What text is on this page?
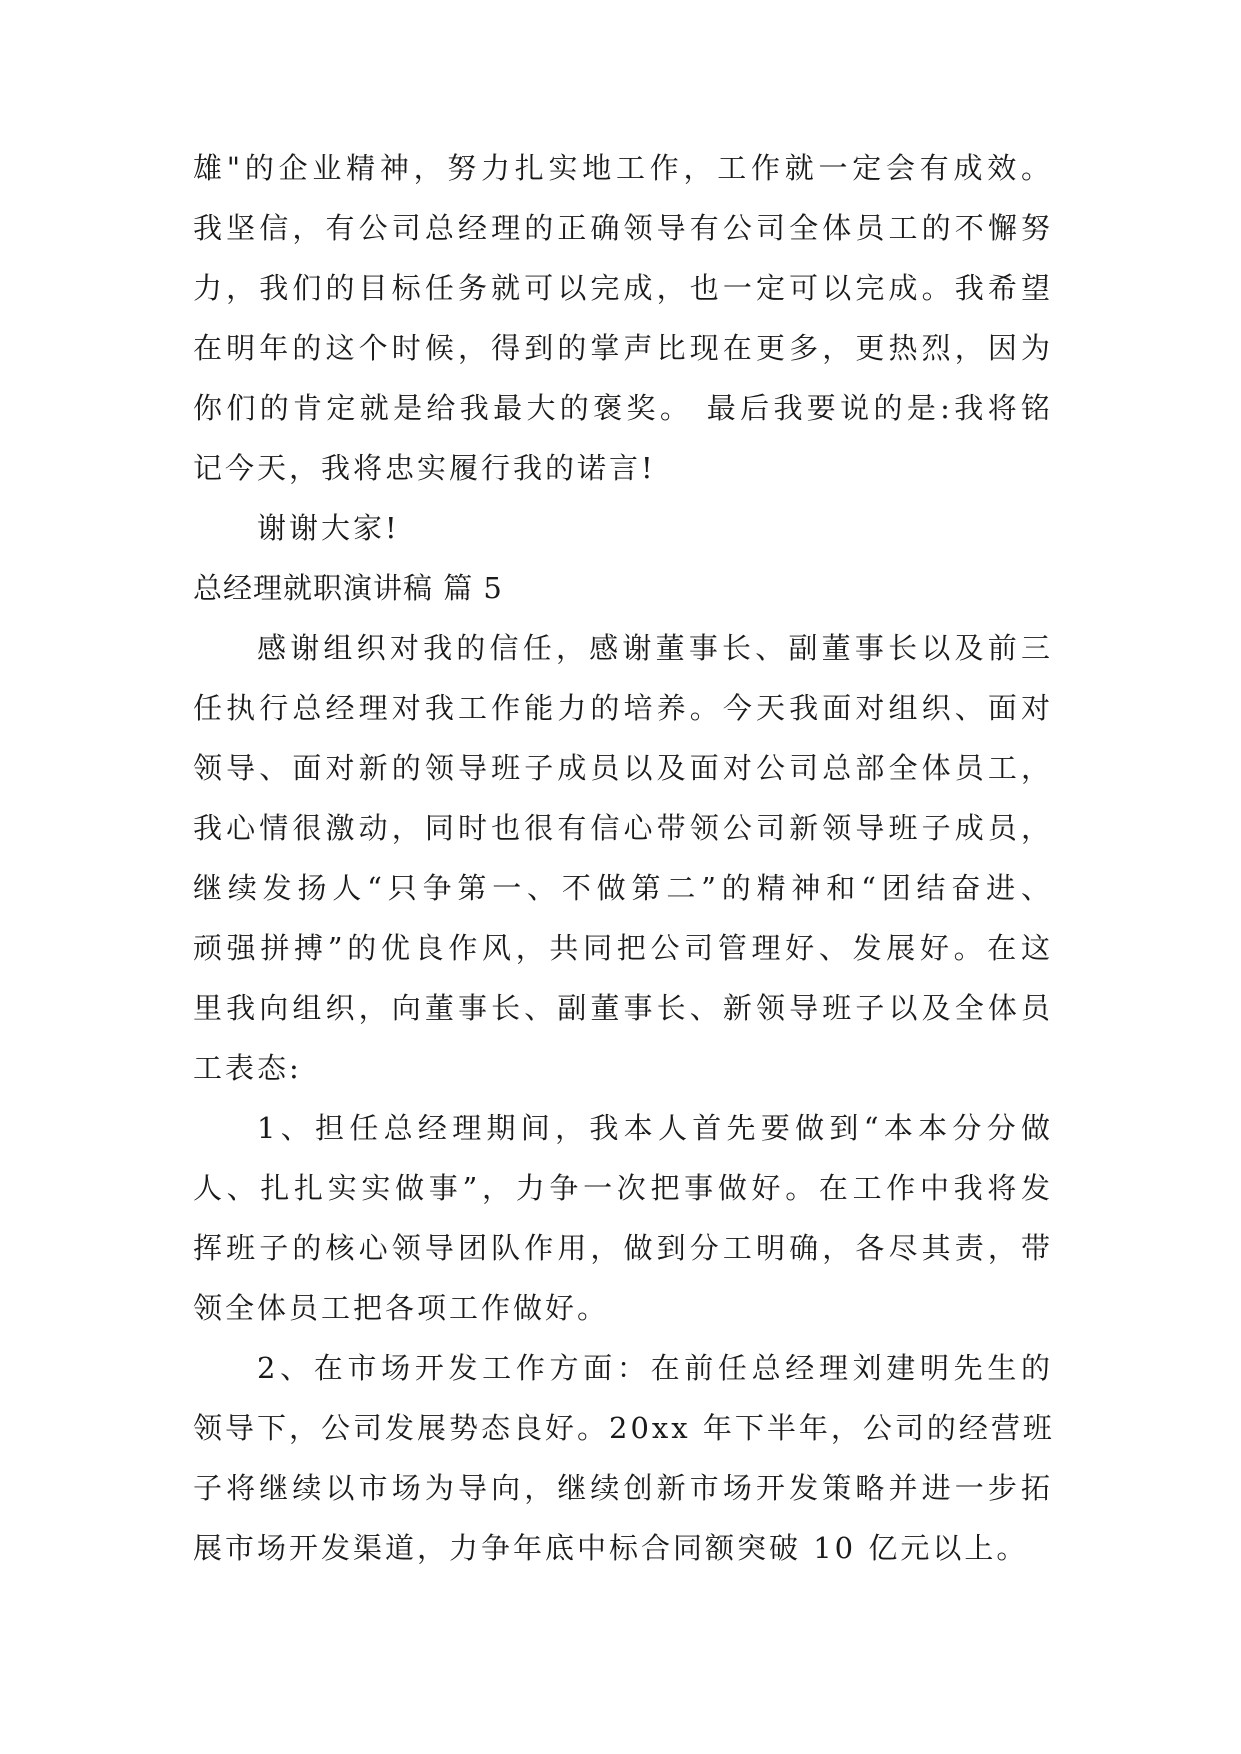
雄"的企业精神，努力扎实地工作，工作就一定会有成效。
我坚信，有公司总经理的正确领导有公司全体员工的不懈努
力，我们的目标任务就可以完成，也一定可以完成。我希望
在明年的这个时候，得到的掌声比现在更多，更热烈，因为
你们的肯定就是给我最大的褒奖。 最后我要说的是:我将铭
记今天，我将忠实履行我的诺言!
谢谢大家!
总经理就职演讲稿 篇 5
感谢组织对我的信任，感谢董事长、副董事长以及前三
任执行总经理对我工作能力的培养。今天我面对组织、面对
领导、面对新的领导班子成员以及面对公司总部全体员工，
我心情很激动，同时也很有信心带领公司新领导班子成员，
继续发扬人“只争第一、不做第二”的精神和“团结奋进、
顽强拼搏”的优良作风，共同把公司管理好、发展好。在这
里我向组织，向董事长、副董事长、新领导班子以及全体员
工表态:
1、担任总经理期间，我本人首先要做到“本本分分做
人、扎扎实实做事”，力争一次把事做好。在工作中我将发
挥班子的核心领导团队作用，做到分工明确，各尽其责，带
领全体员工把各项工作做好。
2、在市场开发工作方面：在前任总经理刘建明先生的
领导下，公司发展势态良好。20xx 年下半年，公司的经营班
子将继续以市场为导向，继续创新市场开发策略并进一步拓
展市场开发渠道，力争年底中标合同额突破 10 亿元以上。
